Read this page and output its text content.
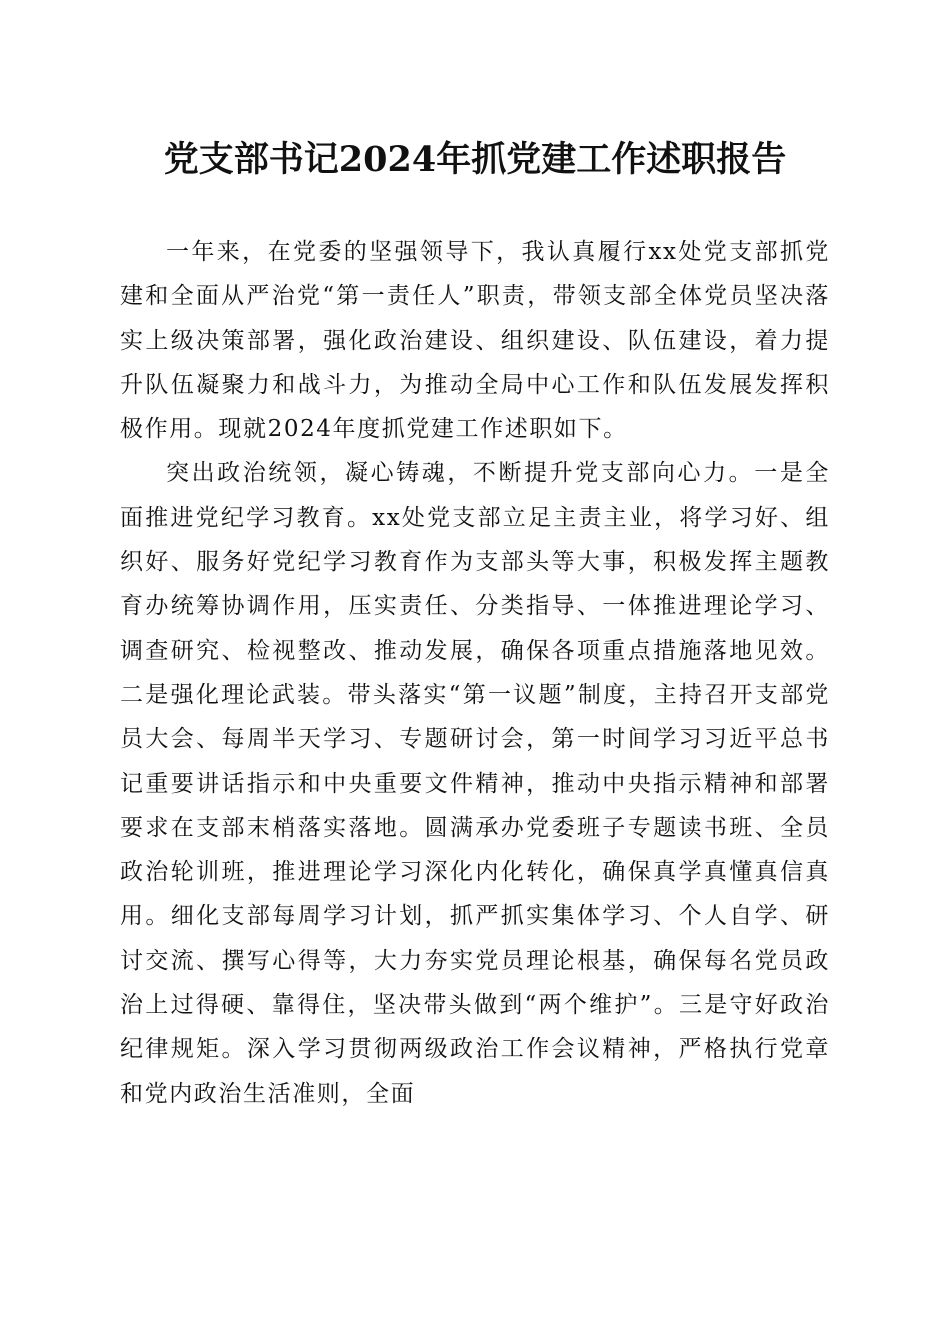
党支部书记2024年抓党建工作述职报告

一年来，在党委的坚强领导下，我认真履行xx处党支部抓党建和全面从严治党“第一责任人”职责，带领支部全体党员坚决落实上级决策部署，强化政治建设、组织建设、队伍建设，着力提升队伍凝聚力和战斗力，为推动全局中心工作和队伍发展发挥积极作用。现就2024年度抓党建工作述职如下。

突出政治统领，凝心铸魂，不断提升党支部向心力。一是全面推进党纪学习教育。xx处党支部立足主责主业，将学习好、组织好、服务好党纪学习教育作为支部头等大事，积极发挥主题教育办统筹协调作用，压实责任、分类指导、一体推进理论学习、调查研究、检视整改、推动发展，确保各项重点措施落地见效。二是强化理论武装。带头落实“第一议题”制度，主持召开支部党员大会、每周半天学习、专题研讨会，第一时间学习习近平总书记重要讲话指示和中央重要文件精神，推动中央指示精神和部署要求在支部末梢落实落地。圆满承办党委班子专题读书班、全员政治轮训班，推进理论学习深化内化转化，确保真学真懂真信真用。细化支部每周学习计划，抓严抓实集体学习、个人自学、研讨交流、撰写心得等，大力夯实党员理论根基，确保每名党员政治上过得硬、靠得住，坚决带头做到“两个维护”。三是守好政治纪律规矩。深入学习贯彻两级政治工作会议精神，严格执行党章和党内政治生活准则，全面
